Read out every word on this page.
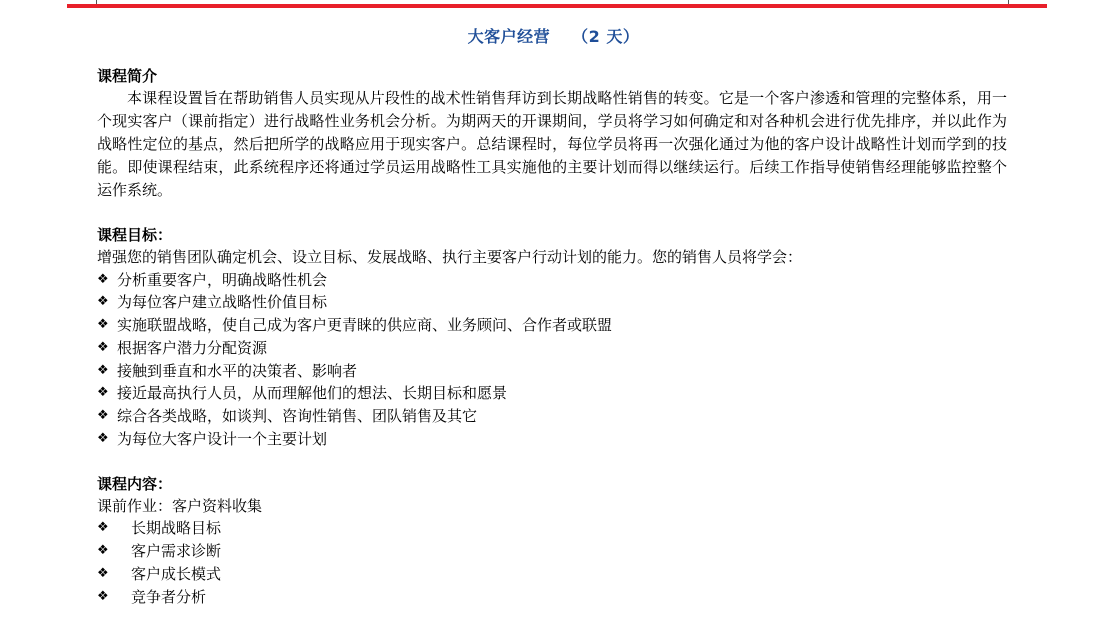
大客户经营 （2 天）
课程简介

本课程设置旨在帮助销售人员实现从片段性的战术性销售拜访到长期战略性销售的转变。它是一个客户渗透和管理的完整体系，用一个现实客户（课前指定）进行战略性业务机会分析。为期两天的开课期间，学员将学习如何确定和对各种机会进行优先排序，并以此作为战略性定位的基点，然后把所学的战略应用于现实客户。总结课程时，每位学员将再一次强化通过为他的客户设计战略性计划而学到的技能。即使课程结束，此系统程序还将通过学员运用战略性工具实施他的主要计划而得以继续运行。后续工作指导使销售经理能够监控整个运作系统。

课程目标：
增强您的销售团队确定机会、设立目标、发展战略、执行主要客户行动计划的能力。您的销售人员将学会：
❖ 分析重要客户，明确战略性机会
❖ 为每位客户建立战略性价值目标
❖ 实施联盟战略，使自己成为客户更青睐的供应商、业务顾问、合作者或联盟
❖ 根据客户潜力分配资源
❖ 接触到垂直和水平的决策者、影响者
❖ 接近最高执行人员，从而理解他们的想法、长期目标和愿景
❖ 综合各类战略，如谈判、咨询性销售、团队销售及其它
❖ 为每位大客户设计一个主要计划
课程内容：
课前作业：客户资料收集
❖	长期战略目标
❖	客户需求诊断
❖	客户成长模式
❖	竞争者分析
